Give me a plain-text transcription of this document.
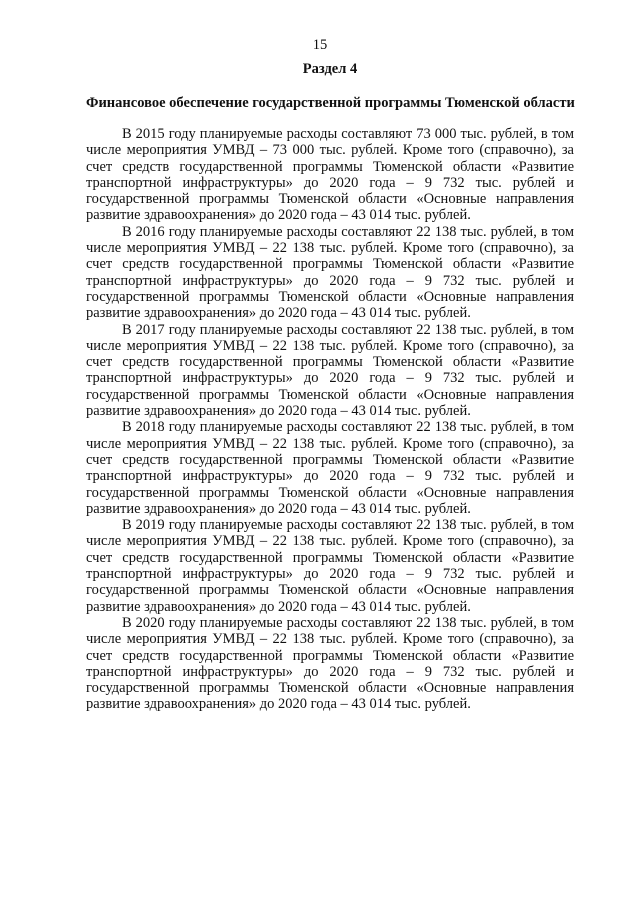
15
Раздел 4
Финансовое обеспечение государственной программы Тюменской области

В 2015 году планируемые расходы составляют 73 000 тыс. рублей, в том числе мероприятия УМВД – 73 000 тыс. рублей. Кроме того (справочно), за счет средств государственной программы Тюменской области «Развитие транспортной инфраструктуры» до 2020 года – 9 732 тыс. рублей и государственной программы Тюменской области «Основные направления развитие здравоохранения» до 2020 года – 43 014 тыс. рублей.

В 2016 году планируемые расходы составляют 22 138 тыс. рублей, в том числе мероприятия УМВД – 22 138 тыс. рублей. Кроме того (справочно), за счет средств государственной программы Тюменской области «Развитие транспортной инфраструктуры» до 2020 года – 9 732 тыс. рублей и государственной программы Тюменской области «Основные направления развитие здравоохранения» до 2020 года – 43 014 тыс. рублей.

В 2017 году планируемые расходы составляют 22 138 тыс. рублей, в том числе мероприятия УМВД – 22 138 тыс. рублей. Кроме того (справочно), за счет средств государственной программы Тюменской области «Развитие транспортной инфраструктуры» до 2020 года – 9 732 тыс. рублей и государственной программы Тюменской области «Основные направления развитие здравоохранения» до 2020 года – 43 014 тыс. рублей.

В 2018 году планируемые расходы составляют 22 138 тыс. рублей, в том числе мероприятия УМВД – 22 138 тыс. рублей. Кроме того (справочно), за счет средств государственной программы Тюменской области «Развитие транспортной инфраструктуры» до 2020 года – 9 732 тыс. рублей и государственной программы Тюменской области «Основные направления развитие здравоохранения» до 2020 года – 43 014 тыс. рублей.

В 2019 году планируемые расходы составляют 22 138 тыс. рублей, в том числе мероприятия УМВД – 22 138 тыс. рублей. Кроме того (справочно), за счет средств государственной программы Тюменской области «Развитие транспортной инфраструктуры» до 2020 года – 9 732 тыс. рублей и государственной программы Тюменской области «Основные направления развитие здравоохранения» до 2020 года – 43 014 тыс. рублей.

В 2020 году планируемые расходы составляют 22 138 тыс. рублей, в том числе мероприятия УМВД – 22 138 тыс. рублей. Кроме того (справочно), за счет средств государственной программы Тюменской области «Развитие транспортной инфраструктуры» до 2020 года – 9 732 тыс. рублей и государственной программы Тюменской области «Основные направления развитие здравоохранения» до 2020 года – 43 014 тыс. рублей.
